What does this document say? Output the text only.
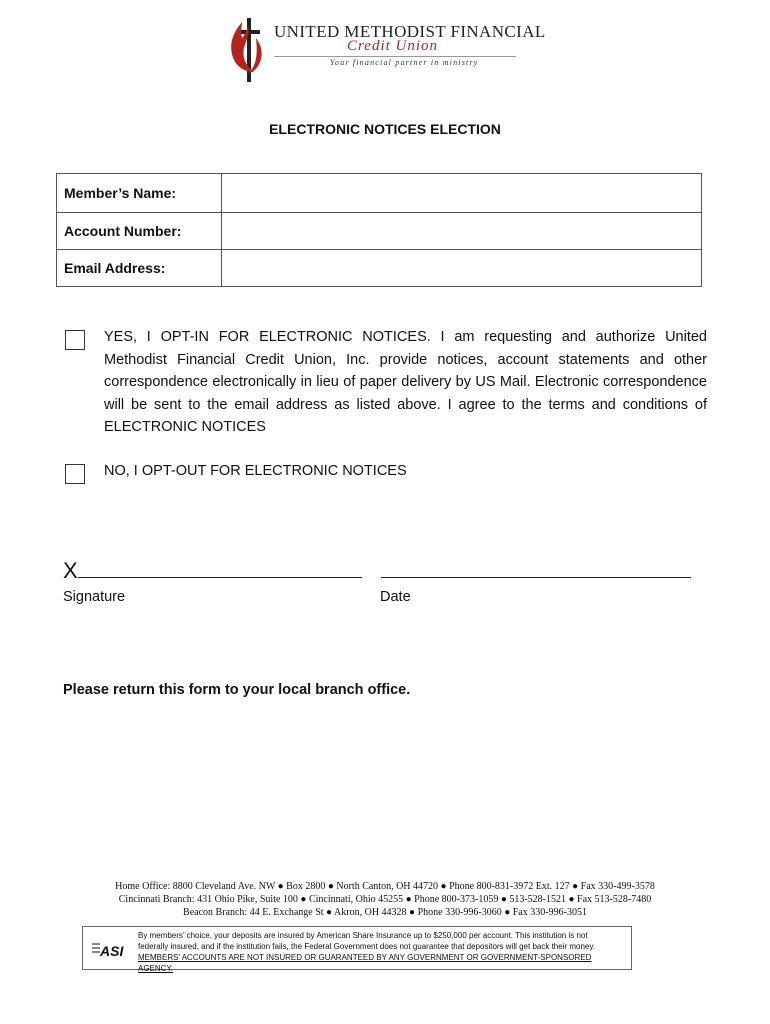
UNITED METHODIST FINANCIAL
Credit Union
Your financial partner in ministry
ELECTRONIC NOTICES ELECTION
Member’s Name:	
Account Number:	
Email Address:	
YES, I OPT-IN FOR ELECTRONIC NOTICES. I am requesting and authorize United Methodist Financial Credit Union, Inc. provide notices, account statements and other correspondence electronically in lieu of paper delivery by US Mail. Electronic correspondence will be sent to the email address as listed above. I agree to the terms and conditions of ELECTRONIC NOTICES
NO, I OPT-OUT FOR ELECTRONIC NOTICES
X
Signature	Date
Please return this form to your local branch office.
Home Office: 8800 Cleveland Ave. NW ● Box 2800 ● North Canton, OH 44720 ● Phone 800-831-3972 Ext. 127 ● Fax 330-499-3578
Cincinnati Branch: 431 Ohio Pike, Suite 100 ● Cincinnati, Ohio 45255 ● Phone 800-373-1059 ● 513-528-1521 ● Fax 513-528-7480
Beacon Branch: 44 E. Exchange St ● Akron, OH 44328 ● Phone 330-996-3060 ● Fax 330-996-3051
ASI
By members’ choice, your deposits are insured by American Share Insurance up to $250,000 per account. This institution is not
federally insured, and if the institution fails, the Federal Government does not guarantee that depositors will get back their money.
MEMBERS’ ACCOUNTS ARE NOT INSURED OR GUARANTEED BY ANY GOVERNMENT OR GOVERNMENT-SPONSORED AGENCY.
